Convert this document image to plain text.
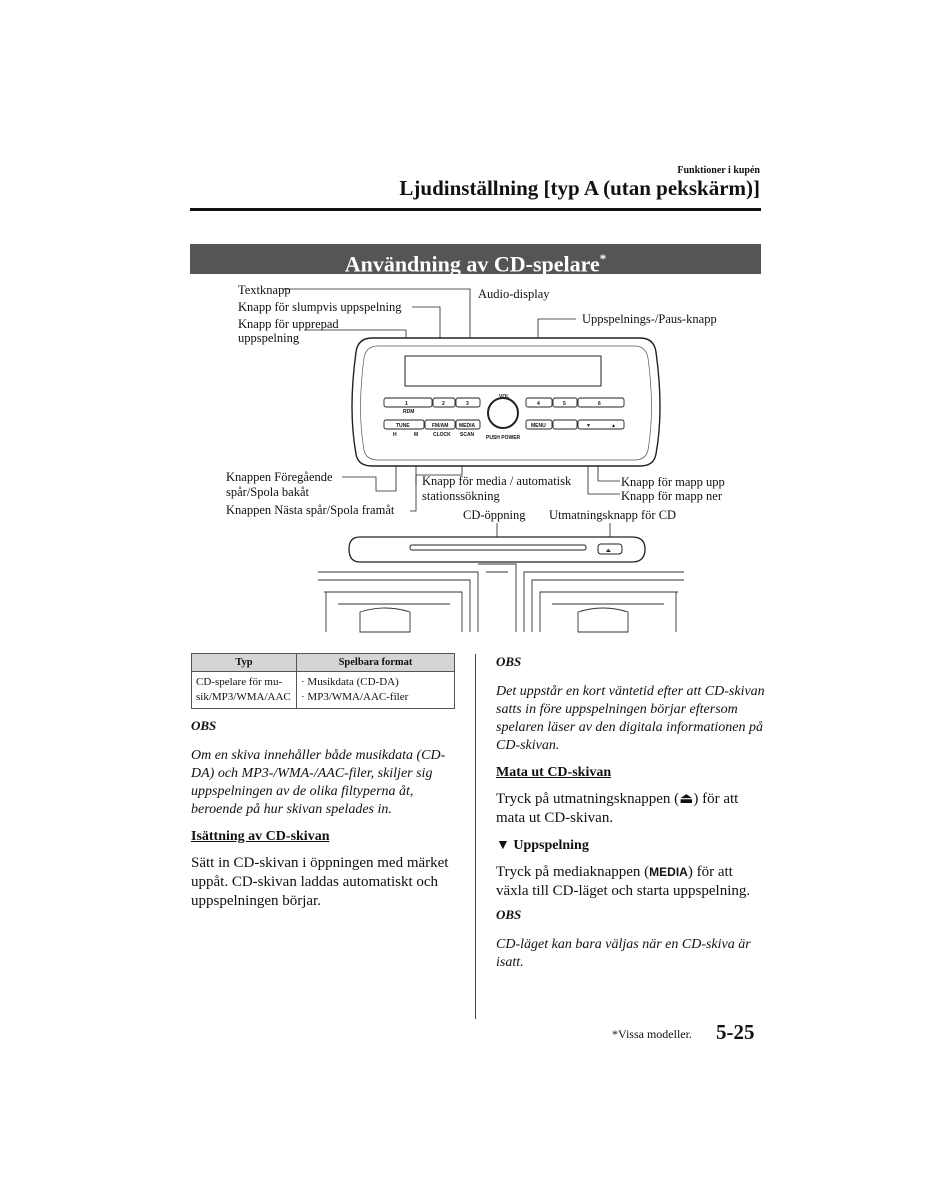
Funktioner i kupén
Ljudinställning [typ A (utan pekskärm)]
Användning av CD-spelare*
Textknapp
Knapp för slumpvis uppspelning
Knapp för upprepad
uppspelning
Audio-display
Uppspelnings-/Paus-knapp
Knappen Föregående
spår/Spola bakåt
Knappen Nästa spår/Spola framåt
Knapp för media / automatisk
stationssökning
Knapp för mapp upp
Knapp för mapp ner
CD-öppning Utmatningsknapp för CD
1	2	3	4	5	6
RDM
VOL
TUNE	FM/AM MEDIA	MENU	▼	▲
H	M	CLOCK SCAN PUSH POWER
⏏
Typ	Spelbara format
CD-spelare för mu-
sik/MP3/WMA/AAC	· Musikdata (CD-DA)
· MP3/WMA/AAC-filer

OBS

Om en skiva innehåller både musikdata (CD-DA) och MP3-/WMA-/AAC-filer, skiljer sig uppspelningen av de olika filtyperna åt, beroende på hur skivan spelades in.

Isättning av CD-skivan

Sätt in CD-skivan i öppningen med märket uppåt. CD-skivan laddas automatiskt och uppspelningen börjar.

OBS

Det uppstår en kort väntetid efter att CD-skivan satts in före uppspelningen börjar eftersom spelaren läser av den digitala informationen på CD-skivan.

Mata ut CD-skivan

Tryck på utmatningsknappen (⏏) för att mata ut CD-skivan.

▼ Uppspelning

Tryck på mediaknappen (MEDIA) för att växla till CD-läget och starta uppspelning.

OBS

CD-läget kan bara väljas när en CD-skiva är isatt.

*Vissa modeller. 5-25
